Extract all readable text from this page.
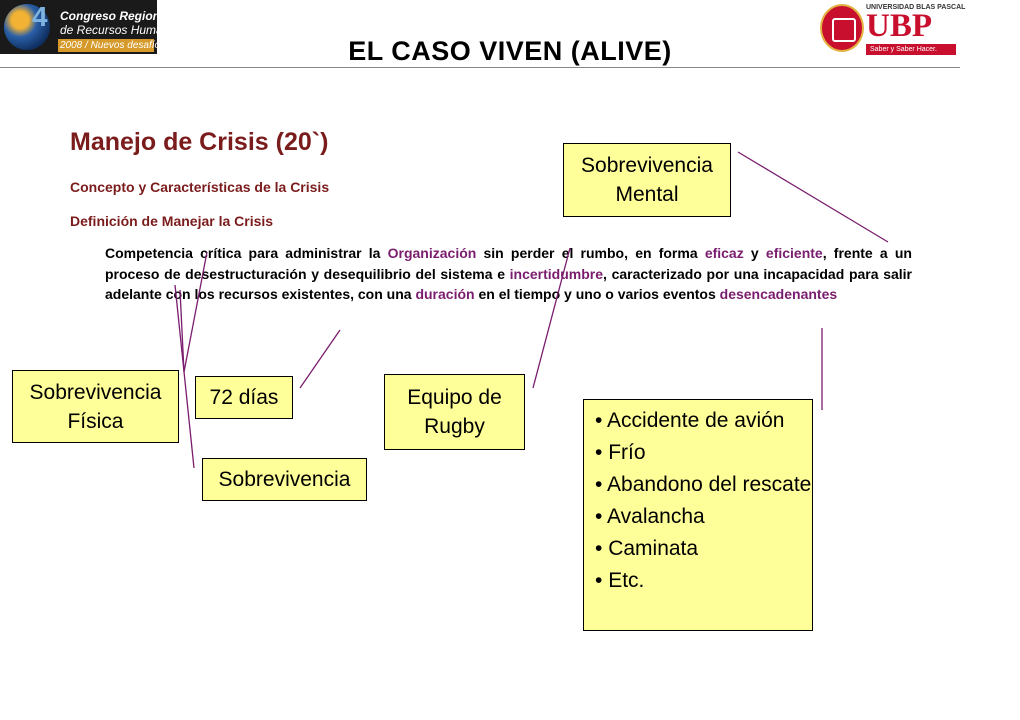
4 Congreso Regional
de Recursos Humanos
2008 / Nuevos desafíos	EL CASO VIVEN (ALIVE)
UNIVERSIDAD BLAS PASCAL
UBP
Saber y Saber Hacer.
Manejo de Crisis (20`)
Concepto y Características de la Crisis
Definición de Manejar la Crisis
Competencia crítica para administrar la Organización sin perder el rumbo, en forma eficaz y eficiente, frente a un proceso de desestructuración y desequilibrio del sistema e incertidumbre, caracterizado por una incapacidad para salir adelante con los recursos existentes, con una duración en el tiempo y uno o varios eventos desencadenantes
Sobrevivencia
Mental
Sobrevivencia
Física
72 días	Equipo de
Rugby
Sobrevivencia
• Accidente de avión
• Frío
• Abandono del rescate
• Avalancha
• Caminata
• Etc.
